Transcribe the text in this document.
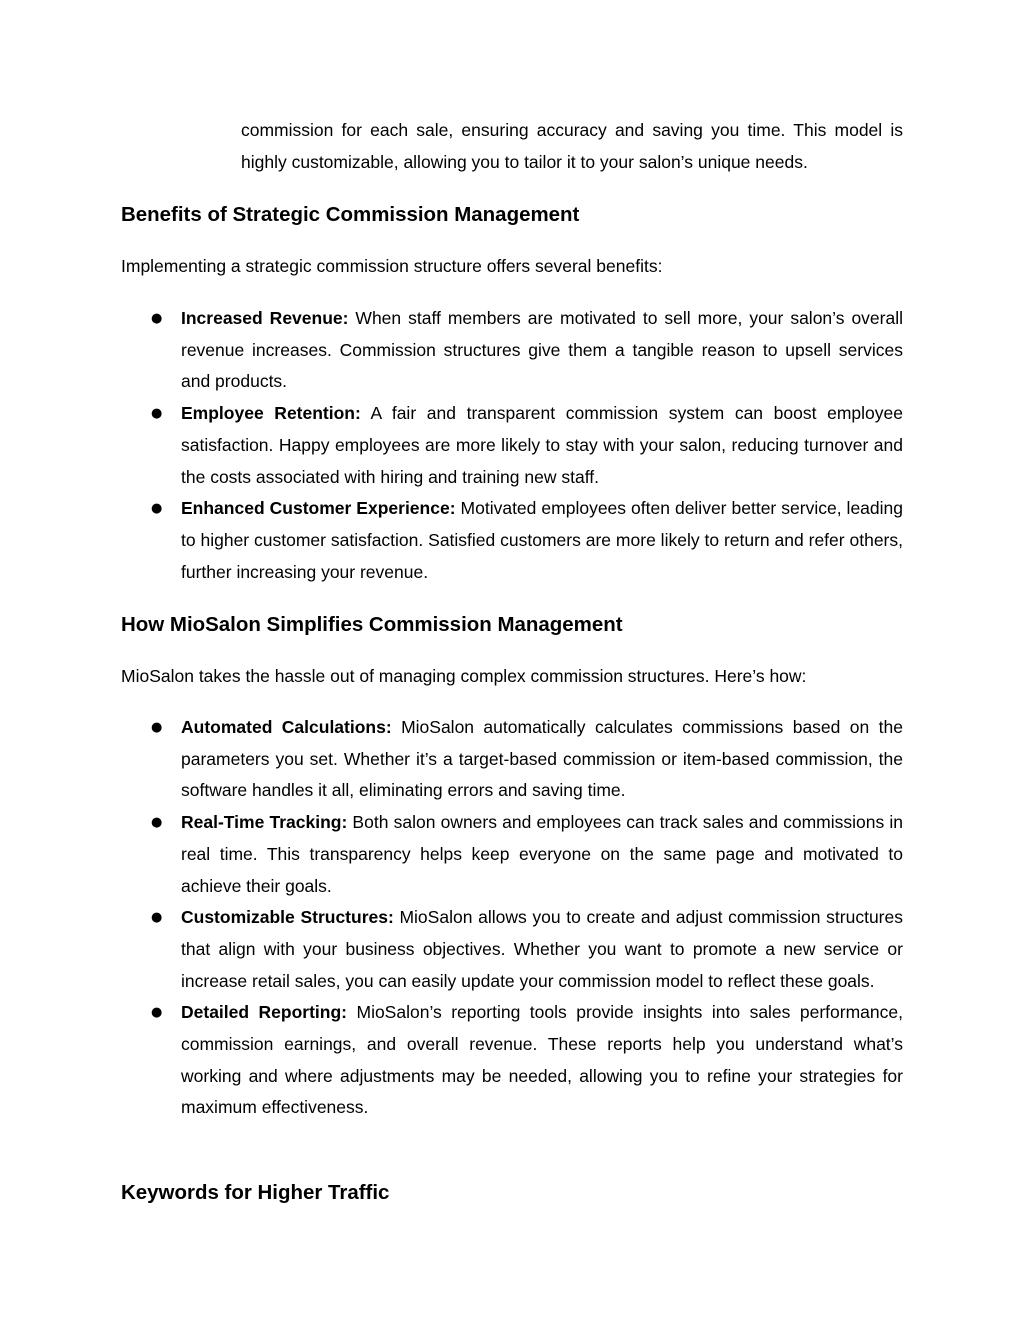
commission for each sale, ensuring accuracy and saving you time. This model is highly customizable, allowing you to tailor it to your salon’s unique needs.

Benefits of Strategic Commission Management

Implementing a strategic commission structure offers several benefits:

● Increased Revenue: When staff members are motivated to sell more, your salon’s overall revenue increases. Commission structures give them a tangible reason to upsell services and products.
● Employee Retention: A fair and transparent commission system can boost employee satisfaction. Happy employees are more likely to stay with your salon, reducing turnover and the costs associated with hiring and training new staff.
● Enhanced Customer Experience: Motivated employees often deliver better service, leading to higher customer satisfaction. Satisfied customers are more likely to return and refer others, further increasing your revenue.
How MioSalon Simplifies Commission Management

MioSalon takes the hassle out of managing complex commission structures. Here’s how:

● Automated Calculations: MioSalon automatically calculates commissions based on the parameters you set. Whether it’s a target-based commission or item-based commission, the software handles it all, eliminating errors and saving time.
● Real-Time Tracking: Both salon owners and employees can track sales and commissions in real time. This transparency helps keep everyone on the same page and motivated to achieve their goals.
● Customizable Structures: MioSalon allows you to create and adjust commission structures that align with your business objectives. Whether you want to promote a new service or increase retail sales, you can easily update your commission model to reflect these goals.
● Detailed Reporting: MioSalon’s reporting tools provide insights into sales performance, commission earnings, and overall revenue. These reports help you understand what’s working and where adjustments may be needed, allowing you to refine your strategies for maximum effectiveness.
Keywords for Higher Traffic
